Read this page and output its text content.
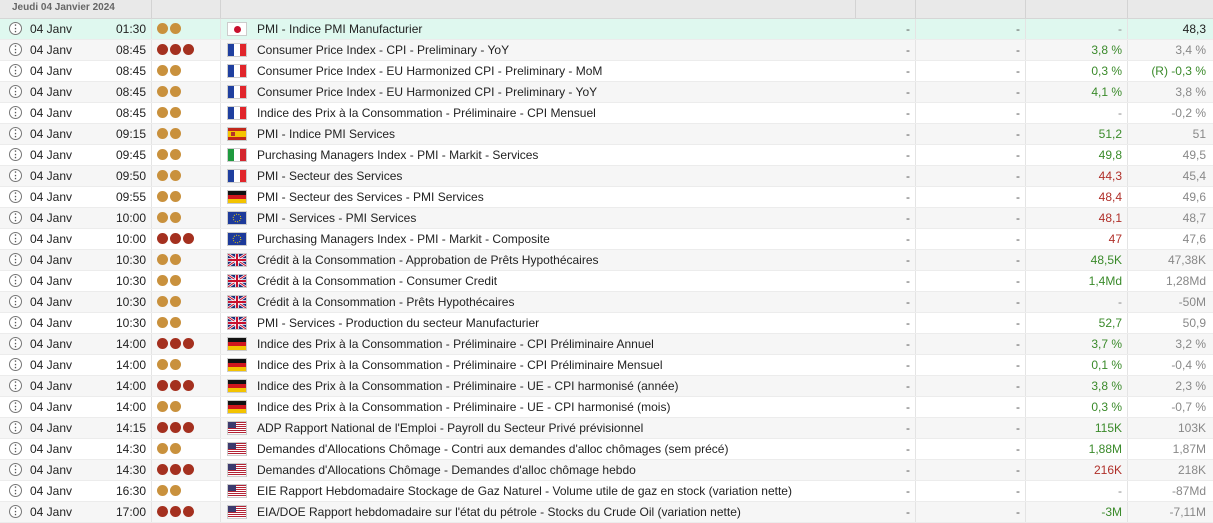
Jeudi 04 Janvier 2024
⋮ 04 Janv	01:30	PMI - Indice PMI Manufacturier	-	-	-	48,3
⋮ 04 Janv	08:45	Consumer Price Index - CPI - Preliminary - YoY	-	-	3,8 %	3,4 %
⋮ 04 Janv	08:45	Consumer Price Index - EU Harmonized CPI - Preliminary - MoM	-	-	0,3 %	(R) -0,3 %
⋮ 04 Janv	08:45	Consumer Price Index - EU Harmonized CPI - Preliminary - YoY	-	-	4,1 %	3,8 %
⋮ 04 Janv	08:45	Indice des Prix à la Consommation - Préliminaire - CPI Mensuel	-	-	-	-0,2 %
⋮ 04 Janv	09:15	PMI - Indice PMI Services	-	-	51,2	51
⋮ 04 Janv	09:45	Purchasing Managers Index - PMI - Markit - Services	-	-	49,8	49,5
⋮ 04 Janv	09:50	PMI - Secteur des Services	-	-	44,3	45,4
⋮ 04 Janv	09:55	PMI - Secteur des Services - PMI Services	-	-	48,4	49,6
⋮ 04 Janv	10:00	PMI - Services - PMI Services	-	-	48,1	48,7
⋮ 04 Janv	10:00	Purchasing Managers Index - PMI - Markit - Composite	-	-	47	47,6
⋮ 04 Janv	10:30	Crédit à la Consommation - Approbation de Prêts Hypothécaires	-	-	48,5K	47,38K
⋮ 04 Janv	10:30	Crédit à la Consommation - Consumer Credit	-	-	1,4Md	1,28Md
⋮ 04 Janv	10:30	Crédit à la Consommation - Prêts Hypothécaires	-	-	-	-50M
⋮ 04 Janv	10:30	PMI - Services - Production du secteur Manufacturier	-	-	52,7	50,9
⋮ 04 Janv	14:00	Indice des Prix à la Consommation - Préliminaire - CPI Préliminaire Annuel	-	-	3,7 %	3,2 %
⋮ 04 Janv	14:00	Indice des Prix à la Consommation - Préliminaire - CPI Préliminaire Mensuel	-	-	0,1 %	-0,4 %
⋮ 04 Janv	14:00	Indice des Prix à la Consommation - Préliminaire - UE - CPI harmonisé (année)	-	-	3,8 %	2,3 %
⋮ 04 Janv	14:00	Indice des Prix à la Consommation - Préliminaire - UE - CPI harmonisé (mois)	-	-	0,3 %	-0,7 %
⋮ 04 Janv	14:15	ADP Rapport National de l'Emploi - Payroll du Secteur Privé prévisionnel	-	-	115K	103K
⋮ 04 Janv	14:30	Demandes d'Allocations Chômage - Contri aux demandes d'alloc chômages (sem précé)	-	-	1,88M	1,87M
⋮ 04 Janv	14:30	Demandes d'Allocations Chômage - Demandes d'alloc chômage hebdo	-	-	216K	218K
⋮ 04 Janv	16:30	EIE Rapport Hebdomadaire Stockage de Gaz Naturel - Volume utile de gaz en stock (variation nette)	-	-	-	-87Md
⋮ 04 Janv	17:00	EIA/DOE Rapport hebdomadaire sur l'état du pétrole - Stocks du Crude Oil (variation nette)	-	-	-3M	-7,11M
